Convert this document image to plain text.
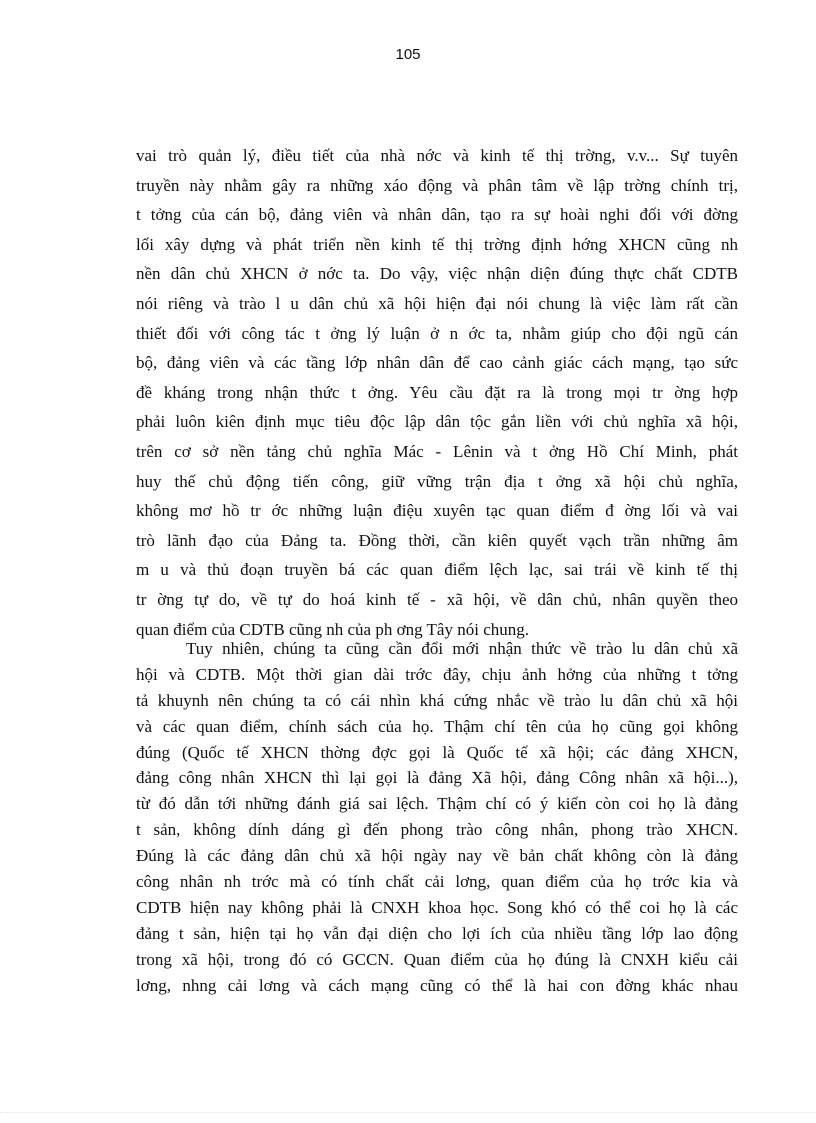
105
vai trò quản lý, điều tiết của nhà nớc và kinh tế thị trờng, v.v... Sự tuyên
truyền này nhằm gây ra những xáo động và phân tâm về lập trờng chính trị,
t tởng của cán bộ, đảng viên và nhân dân, tạo ra sự hoài nghi đối với đờng
lối xây dựng và phát triển nền kinh tế thị trờng định hớng XHCN cũng nh
nền dân chủ XHCN ở nớc ta. Do vậy, việc nhận diện đúng thực chất CDTB
nói riêng và trào l u dân chủ xã hội hiện đại nói chung là việc làm rất cần
thiết đối với công tác t ởng lý luận ở n ớc ta, nhằm giúp cho đội ngũ cán
bộ, đảng viên và các tầng lớp nhân dân để cao cảnh giác cách mạng, tạo sức
đề kháng trong nhận thức t ởng. Yêu cầu đặt ra là trong mọi tr ờng hợp
phải luôn kiên định mục tiêu độc lập dân tộc gắn liền với chủ nghĩa xã hội,
trên cơ sở nền tảng chủ nghĩa Mác - Lênin và t ởng Hồ Chí Minh, phát
huy thế chủ động tiến công, giữ vững trận địa t ởng xã hội chủ nghĩa,
không mơ hồ tr ớc những luận điệu xuyên tạc quan điểm đ ờng lối và vai
trò lãnh đạo của Đảng ta. Đồng thời, cần kiên quyết vạch trần những âm
m u và thủ đoạn truyền bá các quan điểm lệch lạc, sai trái về kinh tế thị
tr ờng tự do, về tự do hoá kinh tế - xã hội, về dân chủ, nhân quyền theo
quan điểm của CDTB cũng nh của ph ơng Tây nói chung.
Tuy nhiên, chúng ta cũng cần đổi mới nhận thức về trào lu dân chủ xã
hội và CDTB. Một thời gian dài trớc đây, chịu ảnh hởng của những t tởng
tả khuynh nên chúng ta có cái nhìn khá cứng nhắc về trào lu dân chủ xã hội
và các quan điểm, chính sách của họ. Thậm chí tên của họ cũng gọi không
đúng (Quốc tế XHCN thờng đợc gọi là Quốc tế xã hội; các đảng XHCN,
đảng công nhân XHCN thì lại gọi là đảng Xã hội, đảng Công nhân xã hội...),
từ đó dẫn tới những đánh giá sai lệch. Thậm chí có ý kiến còn coi họ là đảng
t sản, không dính dáng gì đến phong trào công nhân, phong trào XHCN.
Đúng là các đảng dân chủ xã hội ngày nay về bản chất không còn là đảng
công nhân nh trớc mà có tính chất cải lơng, quan điểm của họ trớc kia và
CDTB hiện nay không phải là CNXH khoa học. Song khó có thể coi họ là các
đảng t sản, hiện tại họ vẫn đại diện cho lợi ích của nhiều tầng lớp lao động
trong xã hội, trong đó có GCCN. Quan điểm của họ đúng là CNXH kiểu cải
lơng, nhng cải lơng và cách mạng cũng có thể là hai con đờng khác nhau
